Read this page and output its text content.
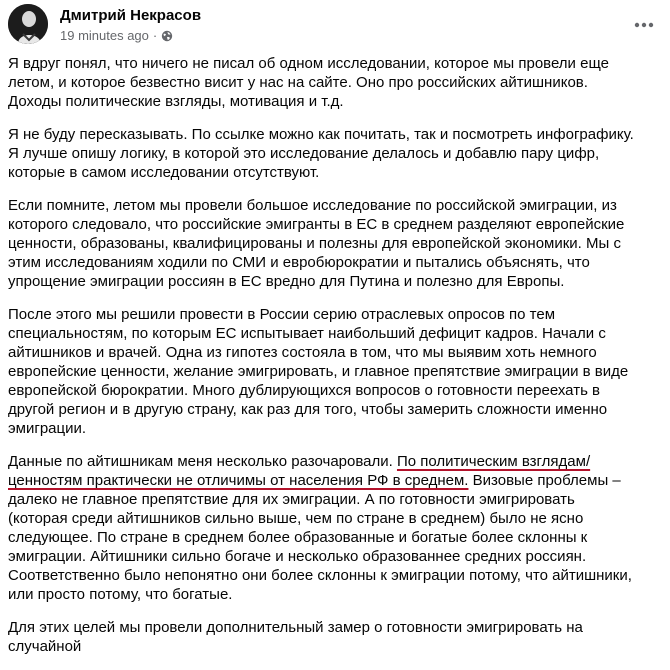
Дмитрий Некрасов
19 minutes ago ·

Я вдруг понял, что ничего не писал об одном исследовании, которое мы провели еще летом, и которое безвестно висит у нас на сайте. Оно про российских айтишников. Доходы политические взгляды, мотивация и т.д.

Я не буду пересказывать. По ссылке можно как почитать, так и посмотреть инфографику. Я лучше опишу логику, в которой это исследование делалось и добавлю пару цифр, которые в самом исследовании отсутствуют.

Если помните, летом мы провели большое исследование по российской эмиграции, из которого следовало, что российские эмигранты в ЕС в среднем разделяют европейские ценности, образованы, квалифицированы и полезны для европейской экономики. Мы с этим исследованиям ходили по СМИ и евробюрократии и пытались объяснять, что упрощение эмиграции россиян в ЕС вредно для Путина и полезно для Европы.

После этого мы решили провести в России серию отраслевых опросов по тем специальностям, по которым ЕС испытывает наибольший дефицит кадров. Начали с айтишников и врачей. Одна из гипотез состояла в том, что мы выявим хоть немного европейские ценности, желание эмигрировать, и главное препятствие эмиграции в виде европейской бюрократии. Много дублирующихся вопросов о готовности переехать в другой регион и в другую страну, как раз для того, чтобы замерить сложности именно эмиграции.

Данные по айтишникам меня несколько разочаровали. По политическим взглядам/ценностям практически не отличимы от населения РФ в среднем. Визовые проблемы – далеко не главное препятствие для их эмиграции. А по готовности эмигрировать (которая среди айтишников сильно выше, чем по стране в среднем) было не ясно следующее. По стране в среднем более образованные и богатые более склонны к эмиграции. Айтишники сильно богаче и несколько образованнее средних россиян. Соответственно было непонятно они более склонны к эмиграции потому, что айтишники, или просто потому, что богатые.

Для этих целей мы провели дополнительный замер о готовности эмигрировать на случайной
